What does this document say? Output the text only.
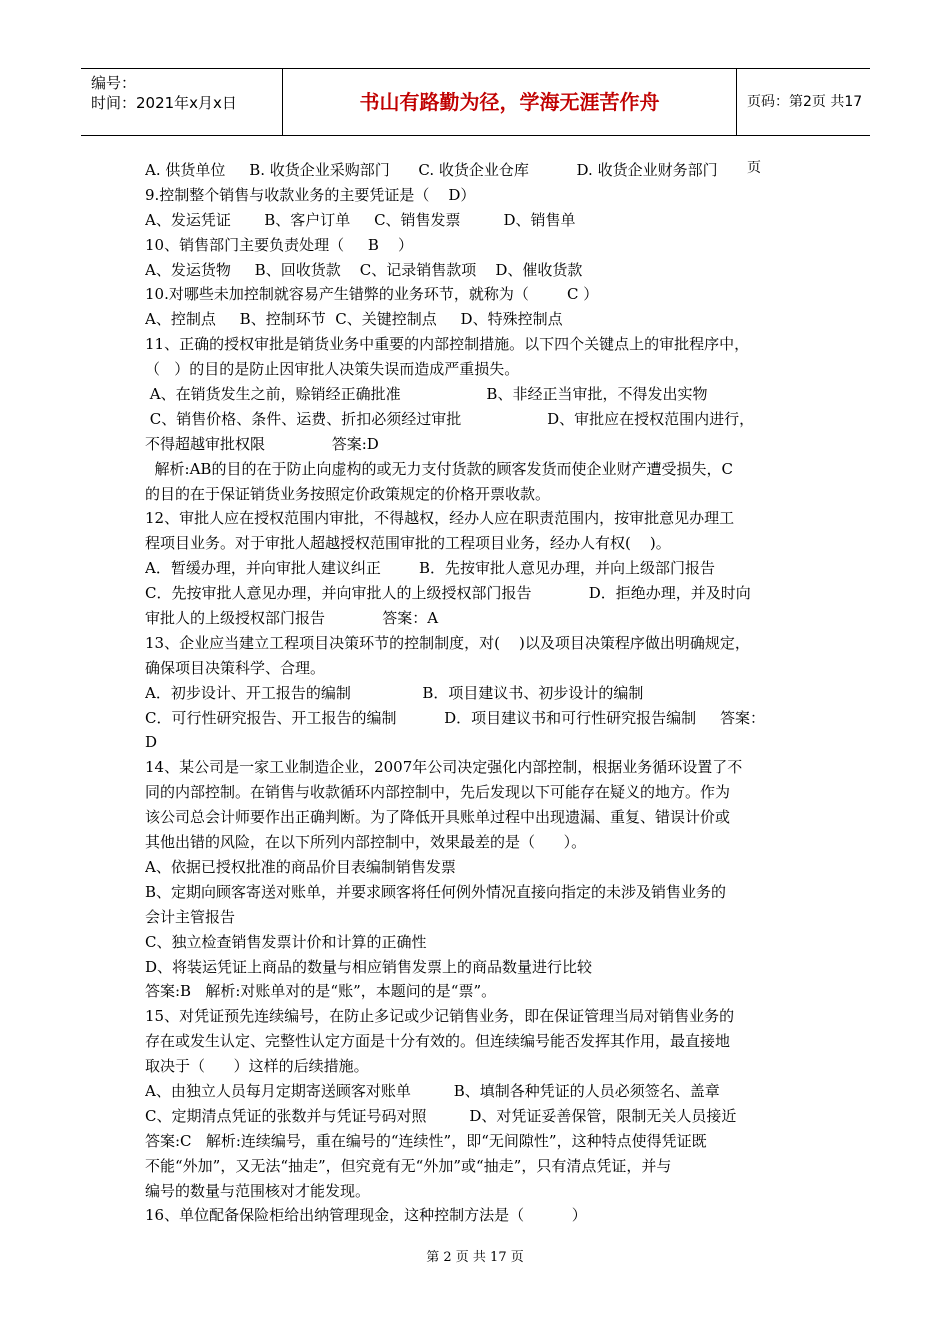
编号：
时间：2021年x月x日	书山有路勤为径，学海无涯苦作舟	页码：第2页 共17页
A. 供货单位     B. 收货企业采购部门      C. 收货企业仓库          D. 收货企业财务部门
9.控制整个销售与收款业务的主要凭证是（    D）
A、发运凭证       B、客户订单     C、销售发票         D、销售单
10、销售部门主要负责处理（     B    ）
A、发运货物     B、回收货款    C、记录销售款项    D、催收货款
10.对哪些未加控制就容易产生错弊的业务环节，就称为（        C ）
A、控制点     B、控制环节  C、关键控制点     D、特殊控制点
11、正确的授权审批是销货业务中重要的内部控制措施。以下四个关键点上的审批程序中，
（   ）的目的是防止因审批人决策失误而造成严重损失。
A、在销货发生之前，赊销经正确批准                  B、非经正当审批，不得发出实物
C、销售价格、条件、运费、折扣必须经过审批                  D、审批应在授权范围内进行，
不得超越审批权限              答案:D
解析:AB的目的在于防止向虚构的或无力支付货款的顾客发货而使企业财产遭受损失，C
的目的在于保证销货业务按照定价政策规定的价格开票收款。
12、审批人应在授权范围内审批，不得越权，经办人应在职责范围内，按审批意见办理工
程项目业务。对于审批人超越授权范围审批的工程项目业务，经办人有权(    )。
A．暂缓办理，并向审批人建议纠正        B．先按审批人意见办理，并向上级部门报告
C．先按审批人意见办理，并向审批人的上级授权部门报告            D．拒绝办理，并及时向
审批人的上级授权部门报告            答案：A
13、企业应当建立工程项目决策环节的控制制度，对(    )以及项目决策程序做出明确规定，
确保项目决策科学、合理。
A．初步设计、开工报告的编制               B．项目建议书、初步设计的编制
C．可行性研究报告、开工报告的编制          D．项目建议书和可行性研究报告编制     答案：
D
14、某公司是一家工业制造企业，2007年公司决定强化内部控制，根据业务循环设置了不
同的内部控制。在销售与收款循环内部控制中，先后发现以下可能存在疑义的地方。作为
该公司总会计师要作出正确判断。为了降低开具账单过程中出现遗漏、重复、错误计价或
其他出错的风险，在以下所列内部控制中，效果最差的是（      ）。
A、依据已授权批准的商品价目表编制销售发票
B、定期向顾客寄送对账单，并要求顾客将任何例外情况直接向指定的未涉及销售业务的
会计主管报告
C、独立检查销售发票计价和计算的正确性
D、将装运凭证上商品的数量与相应销售发票上的商品数量进行比较
答案:B   解析:对账单对的是“账”，本题问的是“票”。
15、对凭证预先连续编号，在防止多记或少记销售业务，即在保证管理当局对销售业务的
存在或发生认定、完整性认定方面是十分有效的。但连续编号能否发挥其作用，最直接地
取决于（      ）这样的后续措施。
A、由独立人员每月定期寄送顾客对账单         B、填制各种凭证的人员必须签名、盖章
C、定期清点凭证的张数并与凭证号码对照         D、对凭证妥善保管，限制无关人员接近
答案:C   解析:连续编号，重在编号的“连续性”，即“无间隙性”，这种特点使得凭证既
不能“外加”，又无法“抽走”，但究竟有无“外加”或“抽走”，只有清点凭证，并与
编号的数量与范围核对才能发现。
16、单位配备保险柜给出纳管理现金，这种控制方法是（          ）
第 2 页 共 17 页
